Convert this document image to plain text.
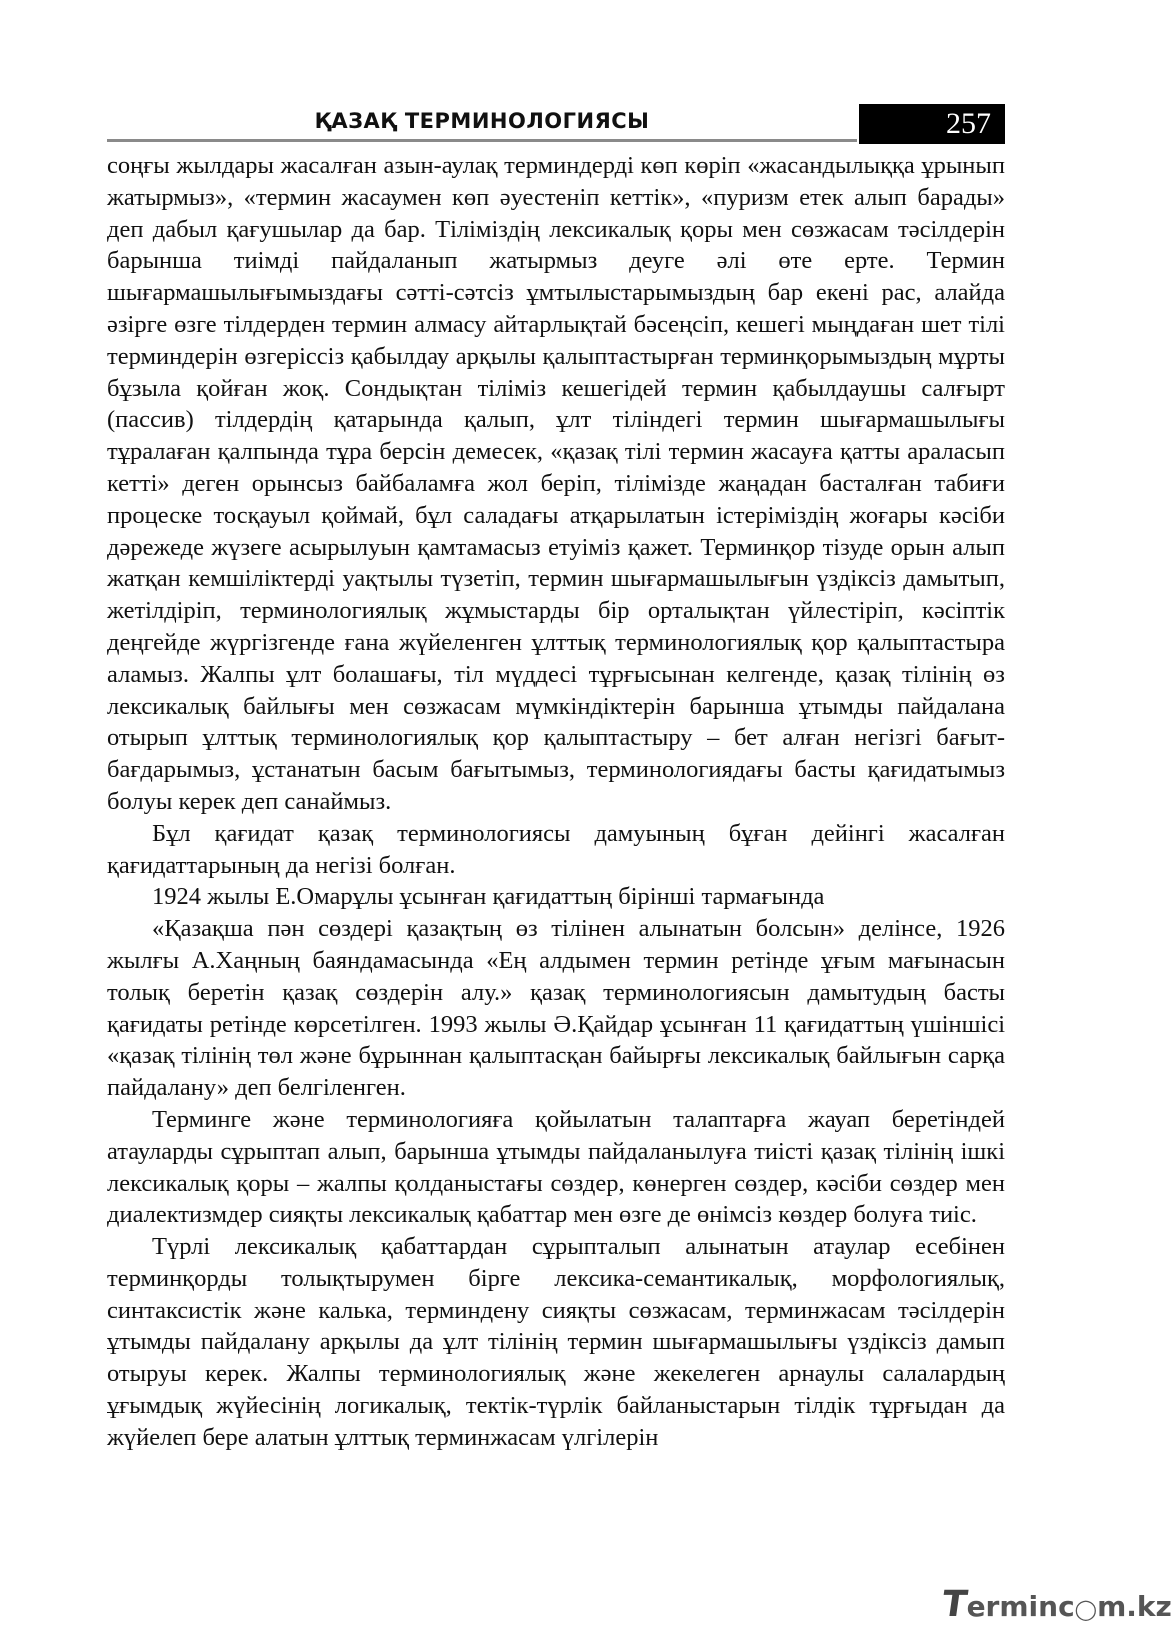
ҚАЗАҚ ТЕРМИНОЛОГИЯСЫ	257

соңғы жылдары жасалған азын-аулақ терминдерді көп көріп «жасандылыққа ұрынып жатырмыз», «термин жасаумен көп әуестеніп кеттік», «пуризм етек алып барады» деп дабыл қағушылар да бар. Тіліміздің лексикалық қоры мен сөзжасам тәсілдерін барынша тиімді пайдаланып жатырмыз деуге әлі өте ерте. Термин шығармашылығымыздағы сәтті-сәтсіз ұмтылыстарымыздың бар екені рас, алайда әзірге өзге тілдерден термин алмасу айтарлықтай бәсеңсіп, кешегі мыңдаған шет тілі терминдерін өзгеріссіз қабылдау арқылы қалыптастырған терминқорымыздың мұрты бұзыла қойған жоқ. Сондықтан тіліміз кешегідей термин қабылдаушы салғырт (пассив) тілдердің қатарында қалып, ұлт тіліндегі термин шығармашылығы тұралаған қалпында тұра берсін демесек, «қазақ тілі термин жасауға қатты араласып кетті» деген орынсыз байбаламға жол беріп, тілімізде жаңадан басталған табиғи процеске тосқауыл қоймай, бұл саладағы атқарылатын істеріміздің жоғары кәсіби дәрежеде жүзеге асырылуын қамтамасыз етуіміз қажет. Терминқор тізуде орын алып жатқан кемшіліктерді уақтылы түзетіп, термин шығармашылығын үздіксіз дамытып, жетілдіріп, терминологиялық жұмыстарды бір орталықтан үйлестіріп, кәсіптік деңгейде жүргізгенде ғана жүйеленген ұлттық терминологиялық қор қалыптастыра аламыз. Жалпы ұлт болашағы, тіл мүддесі тұрғысынан келгенде, қазақ тілінің өз лексикалық байлығы мен сөзжасам мүмкіндіктерін барынша ұтымды пайдалана отырып ұлттық терминологиялық қор қалыптастыру – бет алған негізгі бағыт-бағдарымыз, ұстанатын басым бағытымыз, терминологиядағы басты қағидатымыз болуы керек деп санаймыз.

Бұл қағидат қазақ терминологиясы дамуының бұған дейінгі жасалған қағидаттарының да негізі болған.

1924 жылы Е.Омарұлы ұсынған қағидаттың бірінші тармағында

«Қазақша пән сөздері қазақтың өз тілінен алынатын болсын» делінсе, 1926 жылғы А.Хаңның баяндамасында «Ең алдымен термин ретінде ұғым мағынасын толық беретін қазақ сөздерін алу.» қазақ терминологиясын дамытудың басты қағидаты ретінде көрсетілген. 1993 жылы Ә.Қайдар ұсынған 11 қағидаттың үшіншісі «қазақ тілінің төл және бұрыннан қалыптасқан байырғы лексикалық байлығын сарқа пайдалану» деп белгіленген.

Терминге және терминологияға қойылатын талаптарға жауап беретіндей атауларды сұрыптап алып, барынша ұтымды пайдаланылуға тиісті қазақ тілінің ішкі лексикалық қоры – жалпы қолданыстағы сөздер, көнерген сөздер, кәсіби сөздер мен диалектизмдер сияқты лексикалық қабаттар мен өзге де өнімсіз көздер болуға тиіс.

Түрлі лексикалық қабаттардан сұрыпталып алынатын атаулар есебінен терминқорды толықтырумен бірге лексика-семантикалық, морфологиялық, синтаксистік және калька, терминдену сияқты сөзжасам, терминжасам тәсілдерін ұтымды пайдалану арқылы да ұлт тілінің термин шығармашылығы үздіксіз дамып отыруы керек. Жалпы терминологиялық және жекелеген арнаулы салалардың ұғымдық жүйесінің логикалық, тектік-түрлік байланыстарын тілдік тұрғыдан да жүйелеп бере алатын ұлттық терминжасам үлгілерін

Terminc◯m.kz
